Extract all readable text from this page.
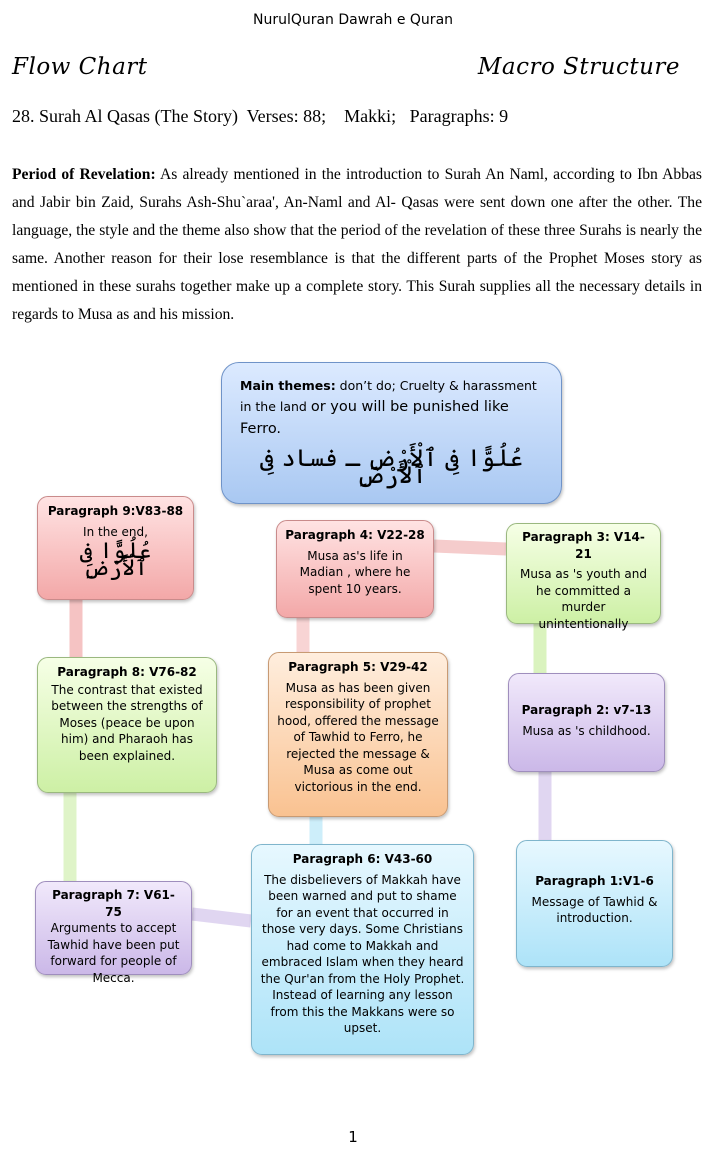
NurulQuran Dawrah e Quran
Flow Chart	Macro Structure
28. Surah Al Qasas (The Story)  Verses: 88;    Makki;   Paragraphs: 9
Period of Revelation: As already mentioned in the introduction to Surah An Naml, according to Ibn Abbas and Jabir bin Zaid, Surahs Ash-Shu`araa', An-Naml and Al- Qasas were sent down one after the other. The language, the style and the theme also show that the period of the revelation of these three Surahs is nearly the same. Another reason for their lose resemblance is that the different parts of the Prophet Moses story as mentioned in these surahs together make up a complete story. This Surah supplies all the necessary details in regards to Musa as and his mission.
Main themes: don’t do; Cruelty & harassment
in the land or you will be punished like Ferro.
عُلُوًّا فِى ٱلْأَرْضِ ـ فساد فِى ٱلْأَرْضِ
Paragraph 9:V83-88
In the end,
عُلُوًّا فِى ٱلْأَرْضِ
Paragraph 4: V22-28
Musa as's life in Madian , where he spent 10 years.
Paragraph 3: V14-21
Musa as 's youth and he committed a murder unintentionally
Paragraph 8: V76-82
The contrast that existed between the strengths of Moses (peace be upon him) and Pharaoh has been explained.
Paragraph 5: V29-42
Musa as has been given responsibility of prophet hood, offered the message of Tawhid to Ferro, he rejected the message & Musa as come out victorious in the end.
Paragraph 2: v7-13
Musa as 's childhood.
Paragraph 6: V43-60
The disbelievers of Makkah have been warned and put to shame for an event that occurred in those very days. Some Christians had come to Makkah and embraced Islam when they heard the Qur'an from the Holy Prophet. Instead of learning any lesson from this the Makkans were so upset.
Paragraph 1:V1-6
Message of Tawhid & introduction.
Paragraph 7: V61-75
Arguments to accept Tawhid have been put forward for people of Mecca.
1
